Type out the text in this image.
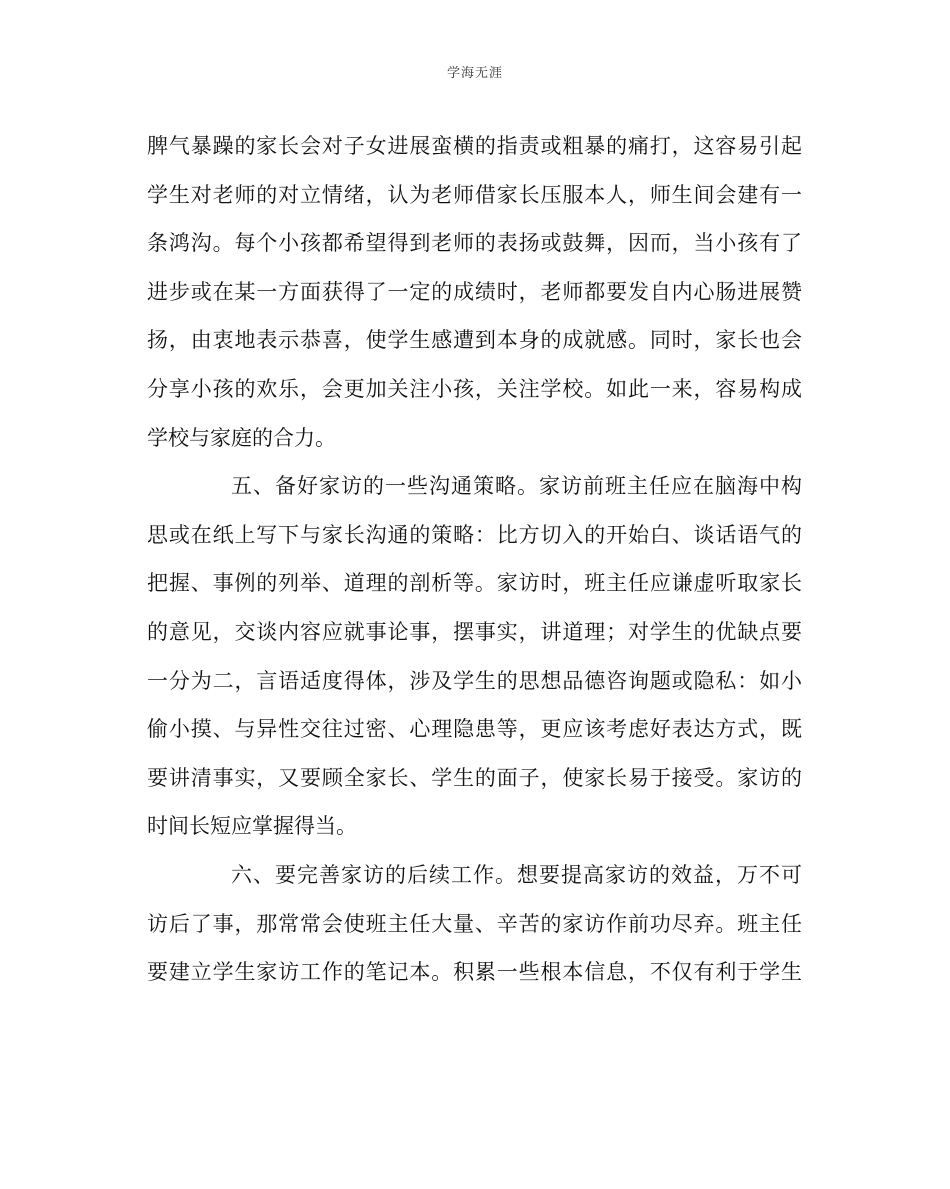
学海无涯
脾气暴躁的家长会对子女进展蛮横的指责或粗暴的痛打，这容易引起
学生对老师的对立情绪，认为老师借家长压服本人，师生间会建有一
条鸿沟。每个小孩都希望得到老师的表扬或鼓舞，因而，当小孩有了
进步或在某一方面获得了一定的成绩时，老师都要发自内心肠进展赞
扬，由衷地表示恭喜，使学生感遭到本身的成就感。同时，家长也会
分享小孩的欢乐，会更加关注小孩，关注学校。如此一来，容易构成
学校与家庭的合力。
五、备好家访的一些沟通策略。家访前班主任应在脑海中构
思或在纸上写下与家长沟通的策略：比方切入的开始白、谈话语气的
把握、事例的列举、道理的剖析等。家访时，班主任应谦虚听取家长
的意见，交谈内容应就事论事，摆事实，讲道理；对学生的优缺点要
一分为二，言语适度得体，涉及学生的思想品德咨询题或隐私：如小
偷小摸、与异性交往过密、心理隐患等，更应该考虑好表达方式，既
要讲清事实，又要顾全家长、学生的面子，使家长易于接受。家访的
时间长短应掌握得当。
六、要完善家访的后续工作。想要提高家访的效益，万不可
访后了事，那常常会使班主任大量、辛苦的家访作前功尽弃。班主任
要建立学生家访工作的笔记本。积累一些根本信息，不仅有利于学生
